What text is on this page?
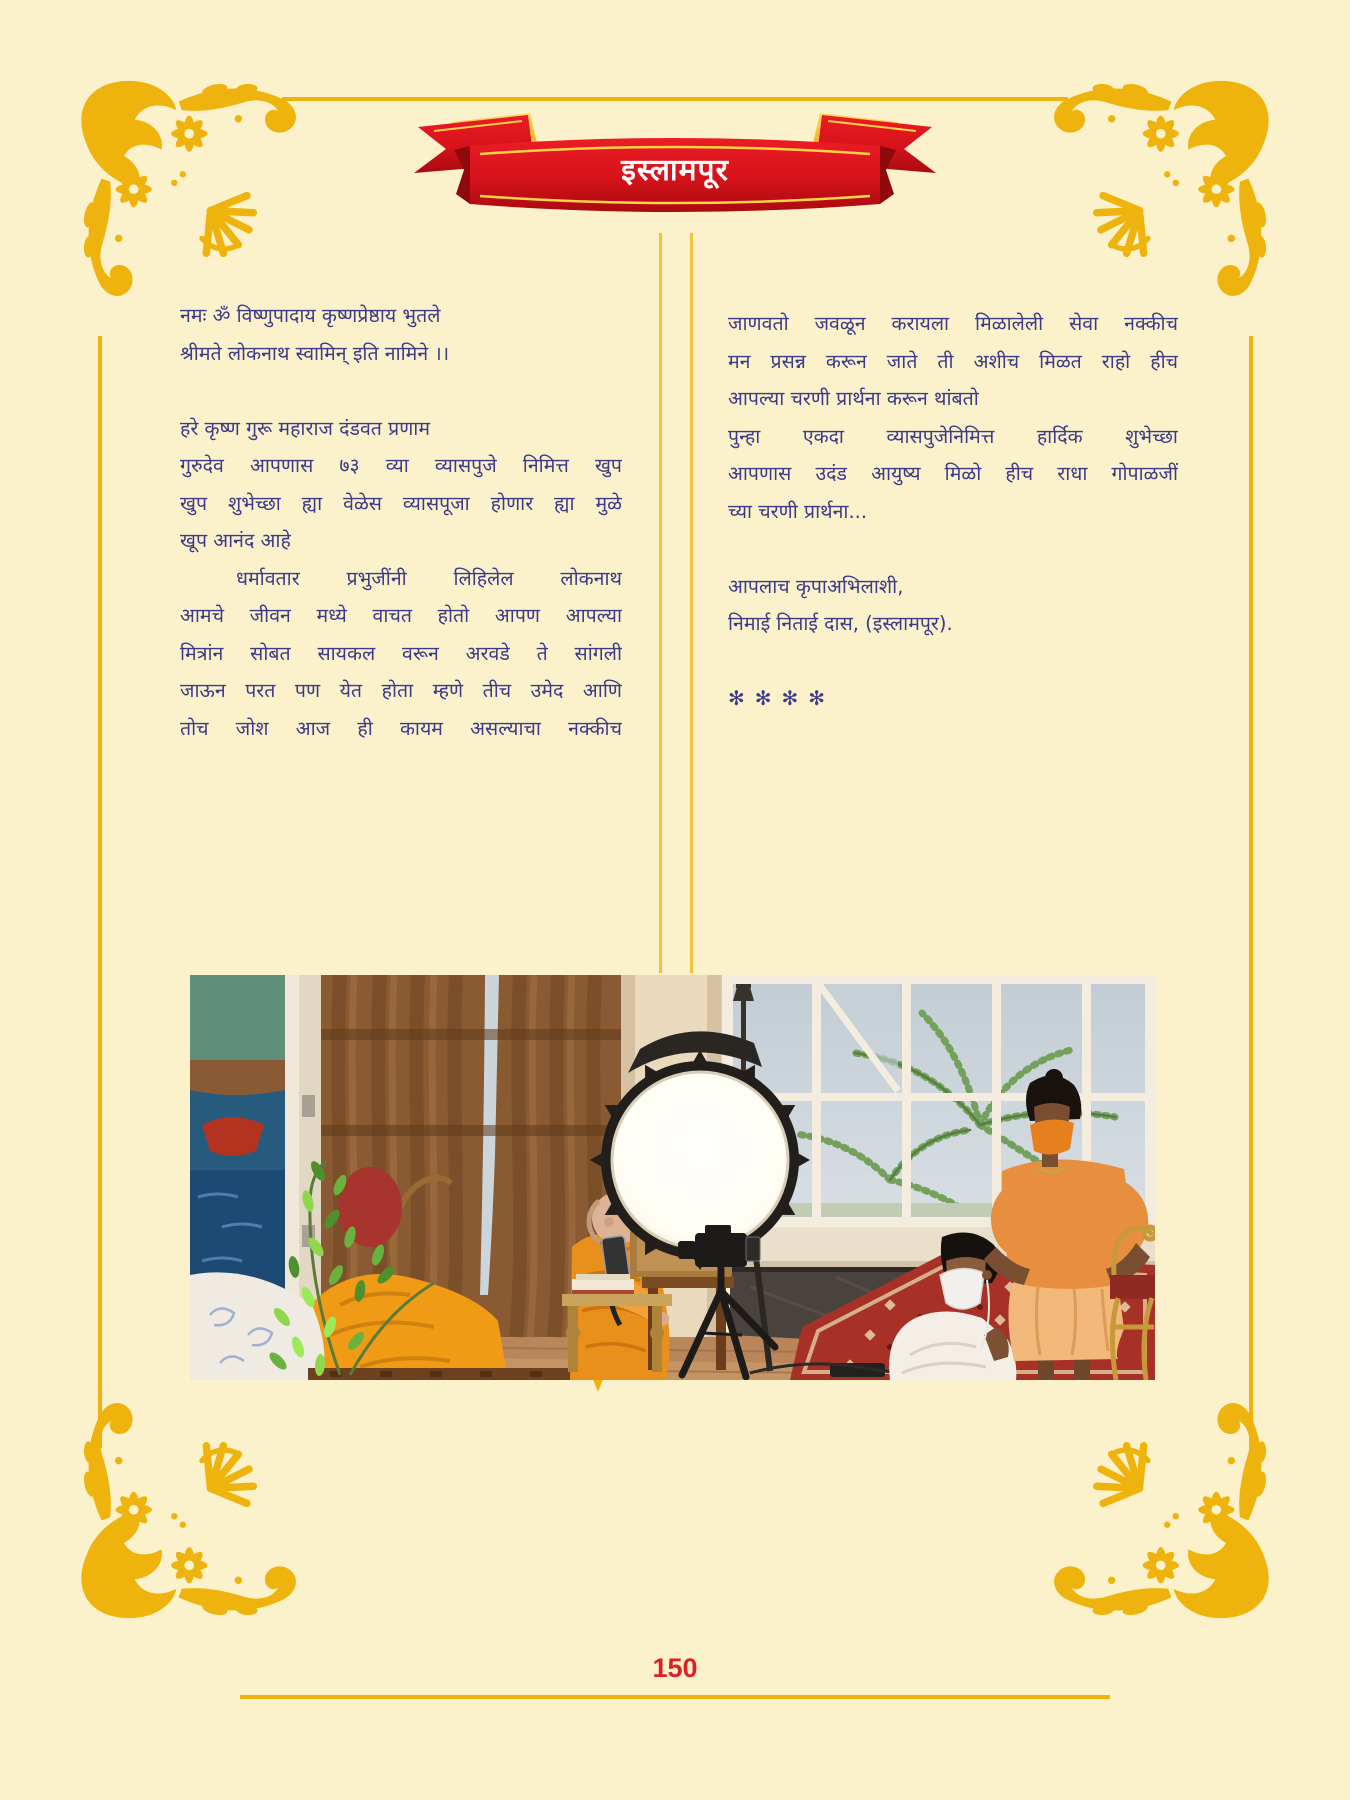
इस्लामपूर
नमः ॐ विष्णुपादाय कृष्णप्रेष्ठाय भुतले
श्रीमते लोकनाथ स्वामिन् इति नामिने ।।
हरे कृष्ण गुरू महाराज दंडवत प्रणाम
गुरुदेव आपणास ७३ व्या व्यासपुजे निमित्त खुप
खुप शुभेच्छा ह्या वेळेस व्यासपूजा होणार ह्या मुळे
खूप आनंद आहे
धर्मावतार प्रभुजींनी लिहिलेल लोकनाथ
आमचे जीवन मध्ये वाचत होतो आपण आपल्या
मित्रांन सोबत सायकल वरून अरवडे ते सांगली
जाऊन परत पण येत होता म्हणे तीच उमेद आणि
तोच जोश आज ही कायम असल्याचा नक्कीच
जाणवतो जवळून करायला मिळालेली सेवा नक्कीच
मन प्रसन्न करून जाते ती अशीच मिळत राहो हीच
आपल्या चरणी प्रार्थना करून थांबतो
पुन्हा एकदा व्यासपुजेनिमित्त हार्दिक शुभेच्छा
आपणास उदंड आयुष्य मिळो हीच राधा गोपाळजीं
च्या चरणी प्रार्थना...
आपलाच कृपाअभिलाशी,
निमाई निताई दास, (इस्लामपूर).
✻✻✻✻
150
